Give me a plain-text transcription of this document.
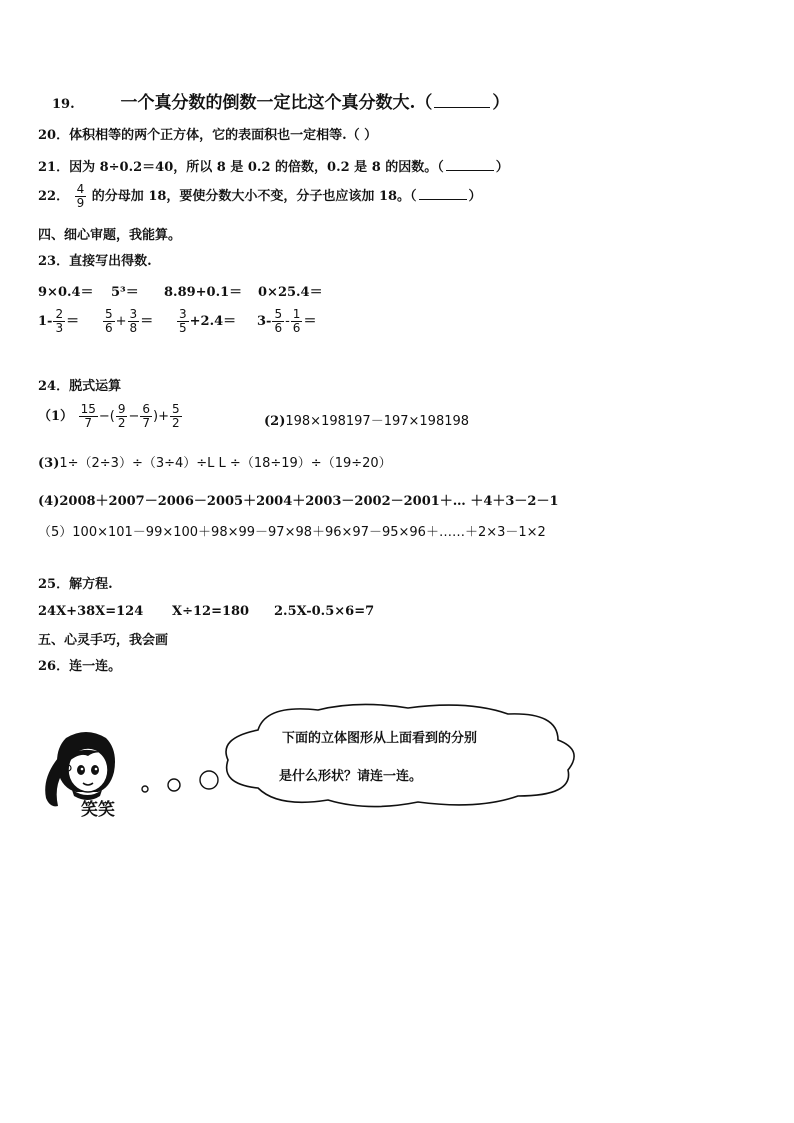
19.	一个真分数的倒数一定比这个真分数大.（	）
20．体积相等的两个正方体，它的表面积也一定相等.（ ）
21．因为 8÷0.2＝40，所以 8 是 0.2 的倍数，0.2 是 8 的因数。（	）
22． $\frac{4}{9}$ 的分母加 18，要使分数大小不变，分子也应该加 18。（	）
四、细心审题，我能算。
23．直接写出得数.
9×0.4＝ 5³＝ 8.89+0.1＝ 0×25.4＝
$1- \frac{2}{3} = \frac{5}{6} + \frac{3}{8} = \frac{3}{5} +2.4= 3- \frac{5}{6} - \frac{1}{6}$ ＝
24．脱式运算
$(1) \frac{15}{7}$ −( $\frac{9}{2} - \frac{6}{7}$ )+ $\frac{5}{2}$	(2)198×198197－197×198198
(3)1÷（2÷3）÷（3÷4）÷L L ÷（18÷19）÷（19÷20）
(4)2008＋2007－2006－2005＋2004＋2003－2002－2001＋… ＋4＋3－2－1
（5）100×101－99×100＋98×99－97×98＋96×97－95×96＋……＋2×3－1×2
25．解方程.
24X+38X=124 X÷12=180 2.5X-0.5×6=7
五、心灵手巧，我会画
26．连一连。
笑笑
下面的立体图形从上面看到的分别
是什么形状？请连一连。
